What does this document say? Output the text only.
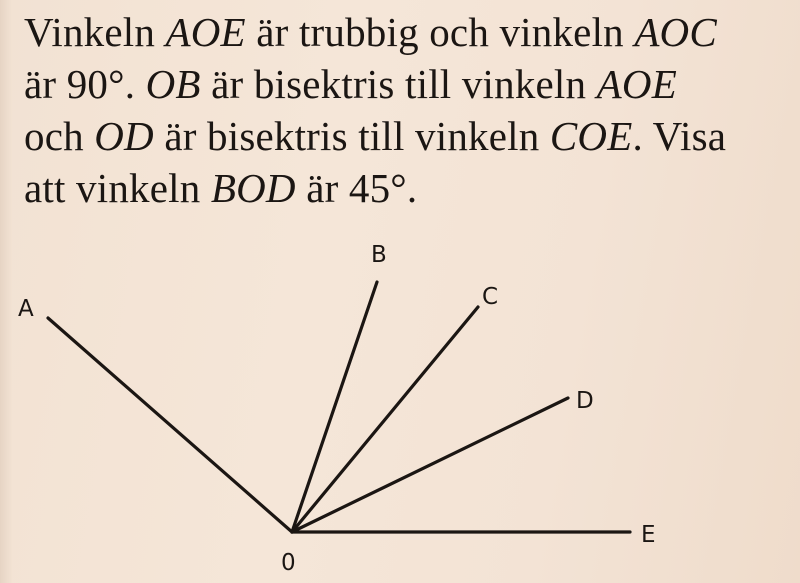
Vinkeln AOE är trubbig och vinkeln AOC
är 90°. OB är bisektris till vinkeln AOE
och OD är bisektris till vinkeln COE. Visa
att vinkeln BOD är 45°.
A
B
C
D
E
0
